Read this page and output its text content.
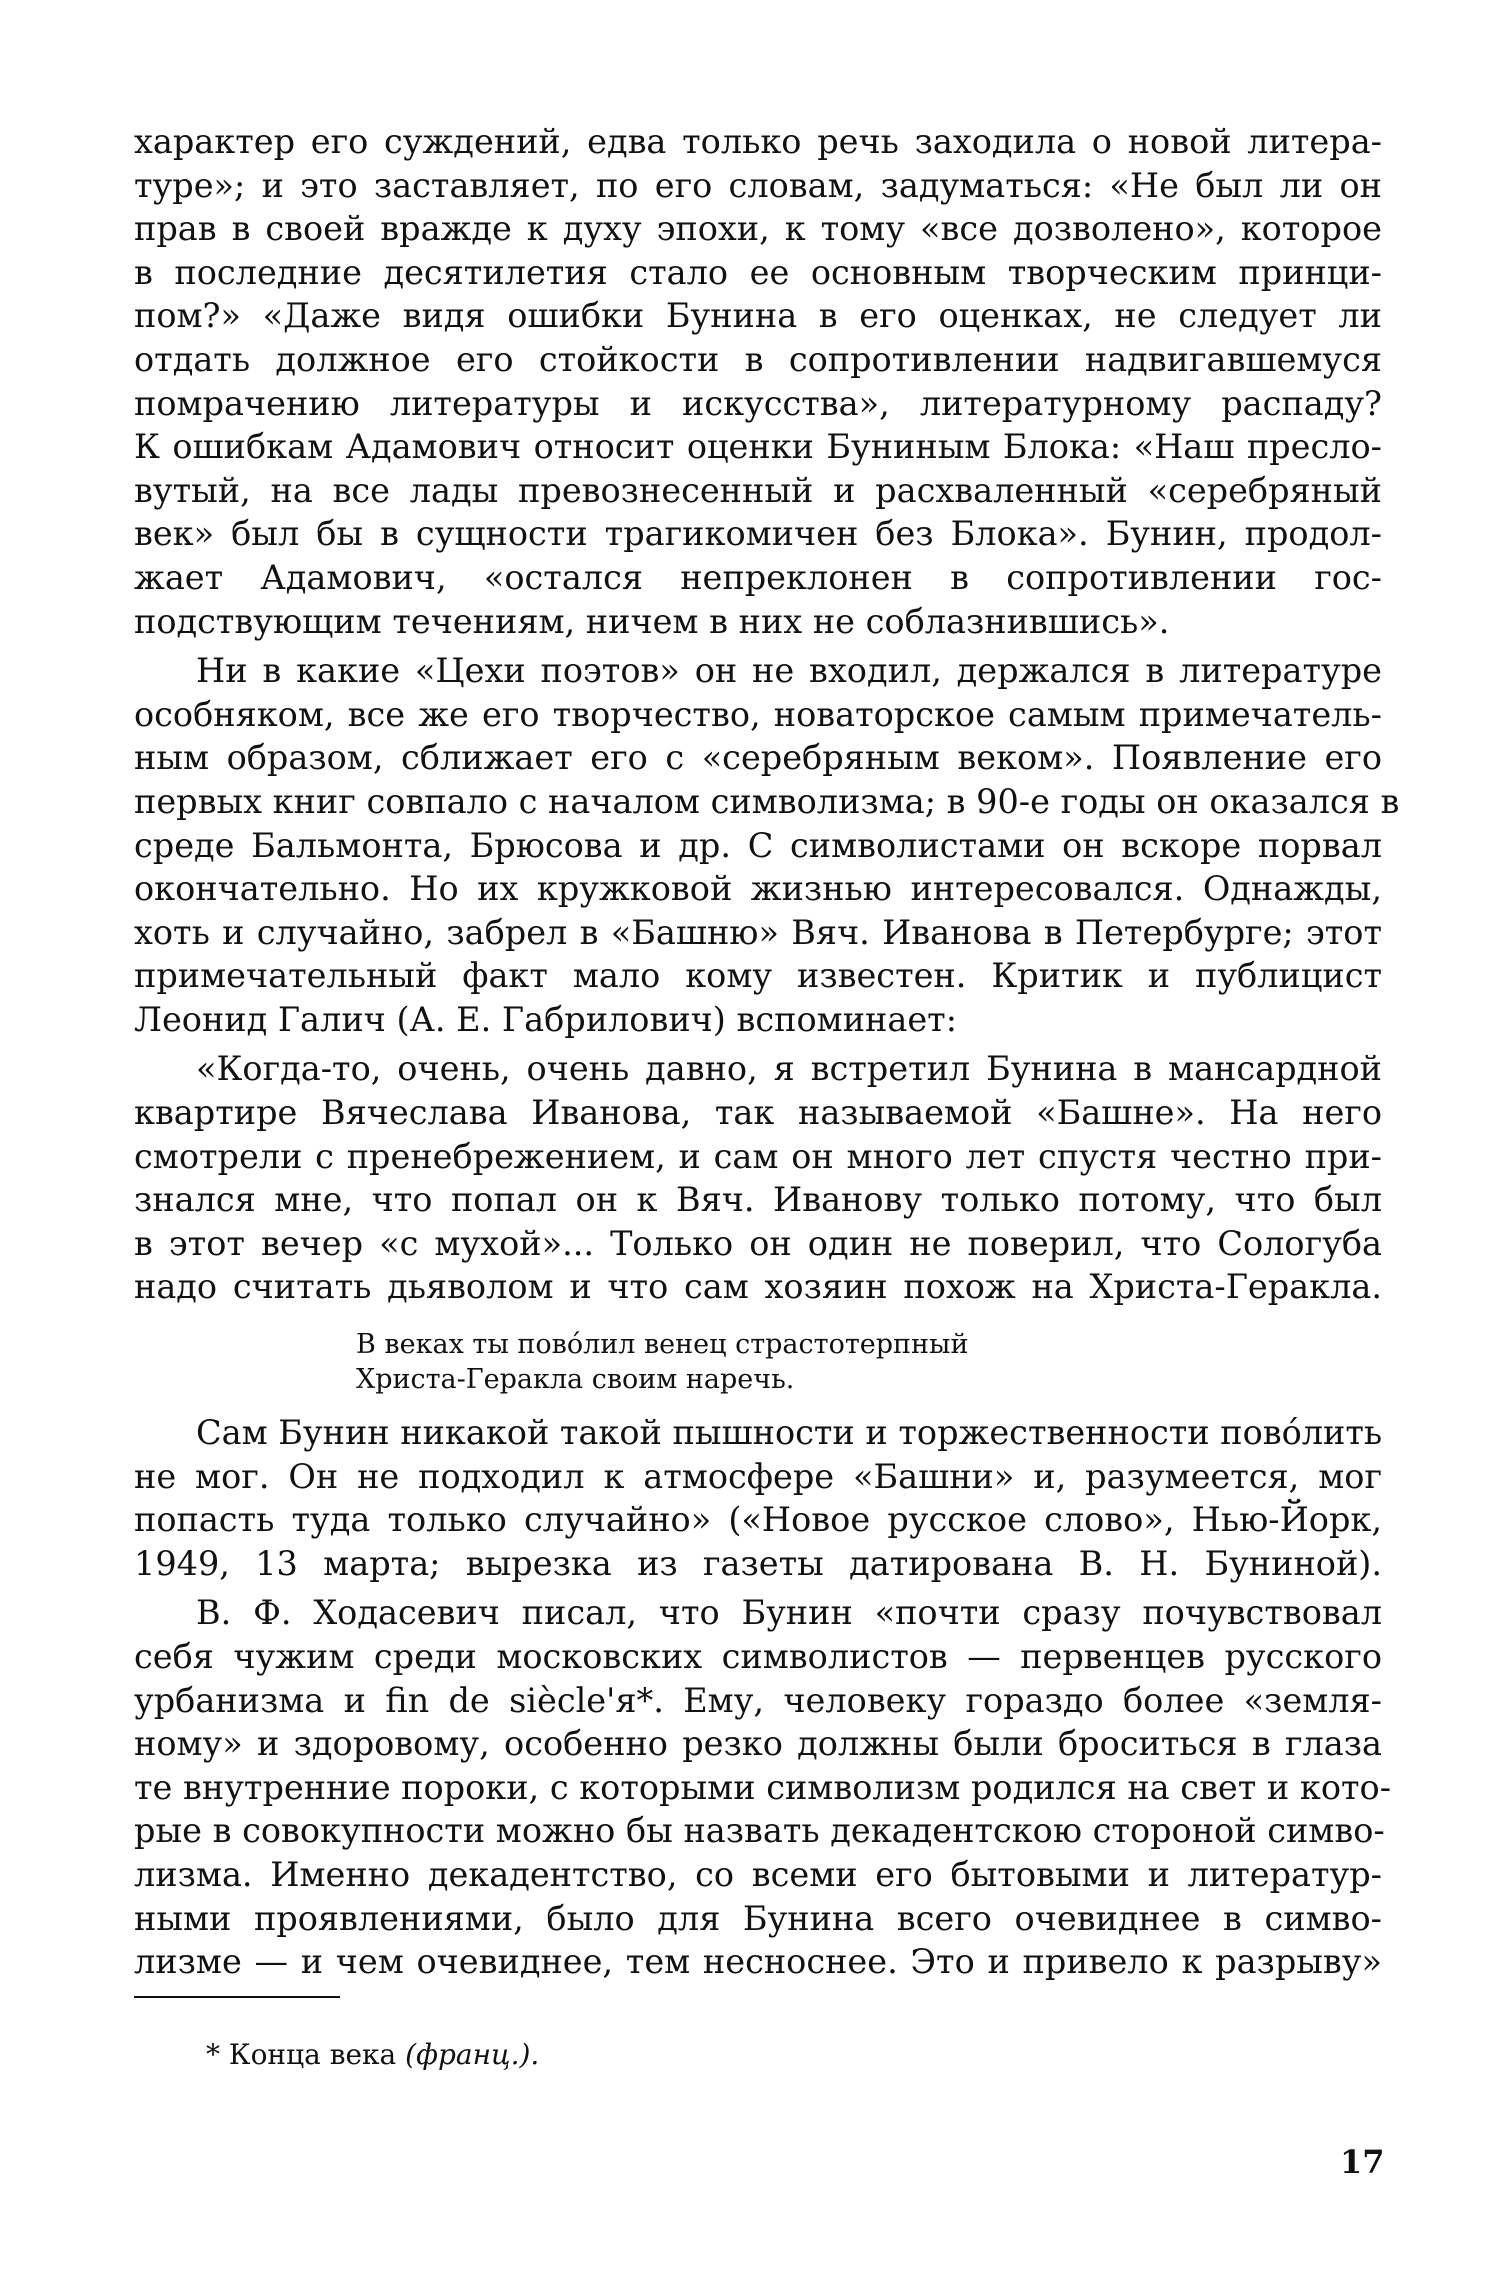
характер его суждений, едва только речь заходила о новой литера-
туре»; и это заставляет, по его словам, задуматься: «Не был ли он
прав в своей вражде к духу эпохи, к тому «все дозволено», которое
в последние десятилетия стало ее основным творческим принци-
пом?» «Даже видя ошибки Бунина в его оценках, не следует ли
отдать должное его стойкости в сопротивлении надвигавшемуся
помрачению литературы и искусства», литературному распаду?
К ошибкам Адамович относит оценки Буниным Блока: «Наш пресло-
вутый, на все лады превознесенный и расхваленный «серебряный
век» был бы в сущности трагикомичен без Блока». Бунин, продол-
жает Адамович, «остался непреклонен в сопротивлении гос-
подствующим течениям, ничем в них не соблазнившись».
Ни в какие «Цехи поэтов» он не входил, держался в литературе
особняком, все же его творчество, новаторское самым примечатель-
ным образом, сближает его с «серебряным веком». Появление его
первых книг совпало с началом символизма; в 90-е годы он оказался в
среде Бальмонта, Брюсова и др. С символистами он вскоре порвал
окончательно. Но их кружковой жизнью интересовался. Однажды,
хоть и случайно, забрел в «Башню» Вяч. Иванова в Петербурге; этот
примечательный факт мало кому известен. Критик и публицист
Леонид Галич (А. Е. Габрилович) вспоминает:
«Когда-то, очень, очень давно, я встретил Бунина в мансардной
квартире Вячеслава Иванова, так называемой «Башне». На него
смотрели с пренебрежением, и сам он много лет спустя честно при-
знался мне, что попал он к Вяч. Иванову только потому, что был
в этот вечер «с мухой»... Только он один не поверил, что Сологуба
надо считать дьяволом и что сам хозяин похож на Христа-Геракла.
В веках ты повóлил венец страстотерпный
Христа-Геракла своим наречь.
Сам Бунин никакой такой пышности и торжественности повóлить
не мог. Он не подходил к атмосфере «Башни» и, разумеется, мог
попасть туда только случайно» («Новое русское слово», Нью-Йорк,
1949, 13 марта; вырезка из газеты датирована В. Н. Буниной).
В. Ф. Ходасевич писал, что Бунин «почти сразу почувствовал
себя чужим среди московских символистов — первенцев русского
урбанизма и fin de siècle'я*. Ему, человеку гораздо более «земля-
ному» и здоровому, особенно резко должны были броситься в глаза
те внутренние пороки, с которыми символизм родился на свет и кото-
рые в совокупности можно бы назвать декадентскою стороной симво-
лизма. Именно декадентство, со всеми его бытовыми и литератур-
ными проявлениями, было для Бунина всего очевиднее в симво-
лизме — и чем очевиднее, тем несноснее. Это и привело к разрыву»
* Конца века (франц.).
17
